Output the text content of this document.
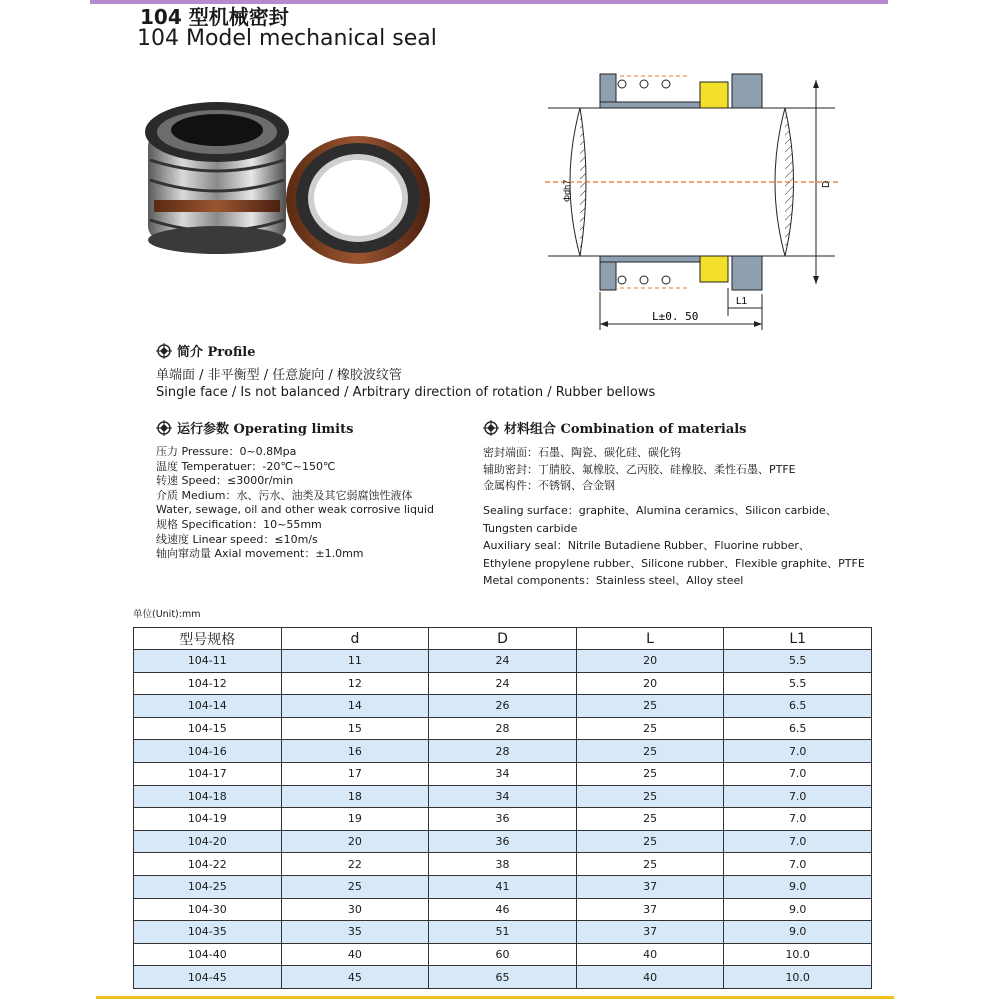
104 型机械密封
104 Model mechanical seal
D
Φdh7
L1
L±0. 50
简介 Profile
单端面 / 非平衡型 / 任意旋向 / 橡胶波纹管
Single face / Is not balanced / Arbitrary direction of rotation / Rubber bellows
运行参数 Operating limits
压力 Pressure：0~0.8Mpa
温度 Temperatuer：-20℃~150℃
转速 Speed：≤3000r/min
介质 Medium：水、污水、油类及其它弱腐蚀性液体
Water, sewage, oil and other weak corrosive liquid
规格 Specification：10~55mm
线速度 Linear speed：≤10m/s
轴向窜动量 Axial movement：±1.0mm
材料组合 Combination of materials
密封端面：石墨、陶瓷、碳化硅、碳化钨
辅助密封：丁腈胶、氟橡胶、乙丙胶、硅橡胶、柔性石墨、PTFE
金属构件：不锈钢、合金钢
Sealing surface：graphite、Alumina ceramics、Silicon carbide、
Tungsten carbide
Auxiliary seal：Nitrile Butadiene Rubber、Fluorine rubber、
Ethylene propylene rubber、Silicone rubber、Flexible graphite、PTFE
Metal components：Stainless steel、Alloy steel
单位(Unit):mm
型号规格	d	D	L	L1
104-11	11	24	20	5.5
104-12	12	24	20	5.5
104-14	14	26	25	6.5
104-15	15	28	25	6.5
104-16	16	28	25	7.0
104-17	17	34	25	7.0
104-18	18	34	25	7.0
104-19	19	36	25	7.0
104-20	20	36	25	7.0
104-22	22	38	25	7.0
104-25	25	41	37	9.0
104-30	30	46	37	9.0
104-35	35	51	37	9.0
104-40	40	60	40	10.0
104-45	45	65	40	10.0
